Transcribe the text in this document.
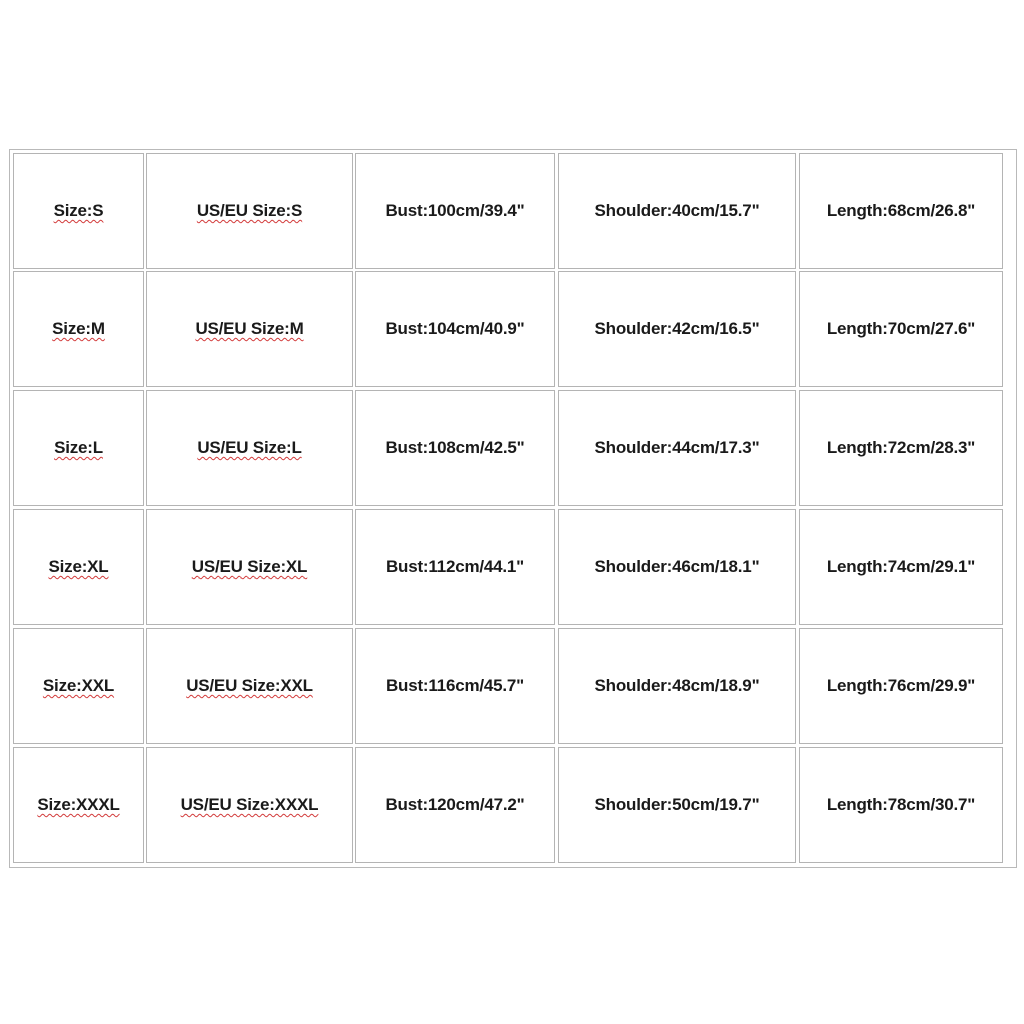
Size:S	US/EU Size:S	Bust:100cm/39.4"	Shoulder:40cm/15.7"	Length:68cm/26.8"
Size:M	US/EU Size:M	Bust:104cm/40.9"	Shoulder:42cm/16.5"	Length:70cm/27.6"
Size:L	US/EU Size:L	Bust:108cm/42.5"	Shoulder:44cm/17.3"	Length:72cm/28.3"
Size:XL	US/EU Size:XL	Bust:112cm/44.1"	Shoulder:46cm/18.1"	Length:74cm/29.1"
Size:XXL	US/EU Size:XXL	Bust:116cm/45.7"	Shoulder:48cm/18.9"	Length:76cm/29.9"
Size:XXXL	US/EU Size:XXXL	Bust:120cm/47.2"	Shoulder:50cm/19.7"	Length:78cm/30.7"
